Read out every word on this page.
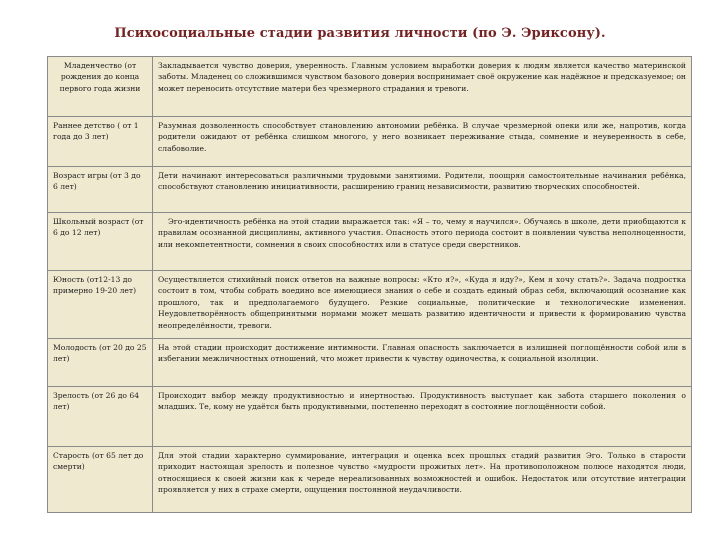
Психосоциальные стадии развития личности (по Э. Эриксону).
Младенчество (от рождения до конца первого года жизни	Закладывается чувство доверия, уверенность. Главным условием выработки доверия к людям является качество материнской заботы. Младенец со сложившимся чувством базового доверия воспринимает своё окружение как надёжное и предсказуемое; он может переносить отсутствие матери без чрезмерного страдания и тревоги.
Раннее детство ( от 1 года до 3 лет)	Разумная дозволенность способствует становлению автономии ребёнка. В случае чрезмерной опеки или же, напротив, когда родители ожидают от ребёнка слишком многого, у него возникает переживание стыда, сомнение и неуверенность в себе, слабоволие.
Возраст игры (от 3 до 6 лет)	Дети начинают интересоваться различными трудовыми занятиями. Родители, поощряя самостоятельные начинания ребёнка, способствуют становлению инициативности, расширению границ независимости, развитию творческих способностей.
Школьный возраст (от 6 до 12 лет)	Эго-идентичность ребёнка на этой стадии выражается так: «Я – то, чему я научился». Обучаясь в школе, дети приобщаются к правилам осознанной дисциплины, активного участия. Опасность этого периода состоит в появлении чувства неполноценности, или некомпетентности, сомнения в своих способностях или в статусе среди сверстников.
Юность (от12-13 до примерно 19-20 лет)	Осуществляется стихийный поиск ответов на важные вопросы: «Кто я?», «Куда я иду?», Кем я хочу стать?». Задача подростка состоит в том, чтобы собрать воедино все имеющиеся знания о себе и создать единый образ себя, включающий осознание как прошлого, так и предполагаемого будущего. Резкие социальные, политические и технологические изменения. Неудовлетворённость общепринятыми нормами может мешать развитию идентичности и привести к формированию чувства неопределённости, тревоги.
Молодость (от 20 до 25 лет)	На этой стадии происходит достижение интимности. Главная опасность заключается в излишней поглощённости собой или в избегании межличностных отношений, что может привести к чувству одиночества, к социальной изоляции.
Зрелость (от 26 до 64 лет)	Происходит выбор между продуктивностью и инертностью. Продуктивность выступает как забота старшего поколения о младших. Те, кому не удаётся быть продуктивными, постепенно переходят в состояние поглощённости собой.
Старость (от 65 лет до смерти)	Для этой стадии характерно суммирование, интеграция и оценка всех прошлых стадий развития Эго. Только в старости приходит настоящая зрелость и полезное чувство «мудрости прожитых лет». На противоположном полюсе находятся люди, относящиеся к своей жизни как к череде нереализованных возможностей и ошибок. Недостаток или отсутствие интеграции проявляется у них в страхе смерти, ощущения постоянной неудачливости.
